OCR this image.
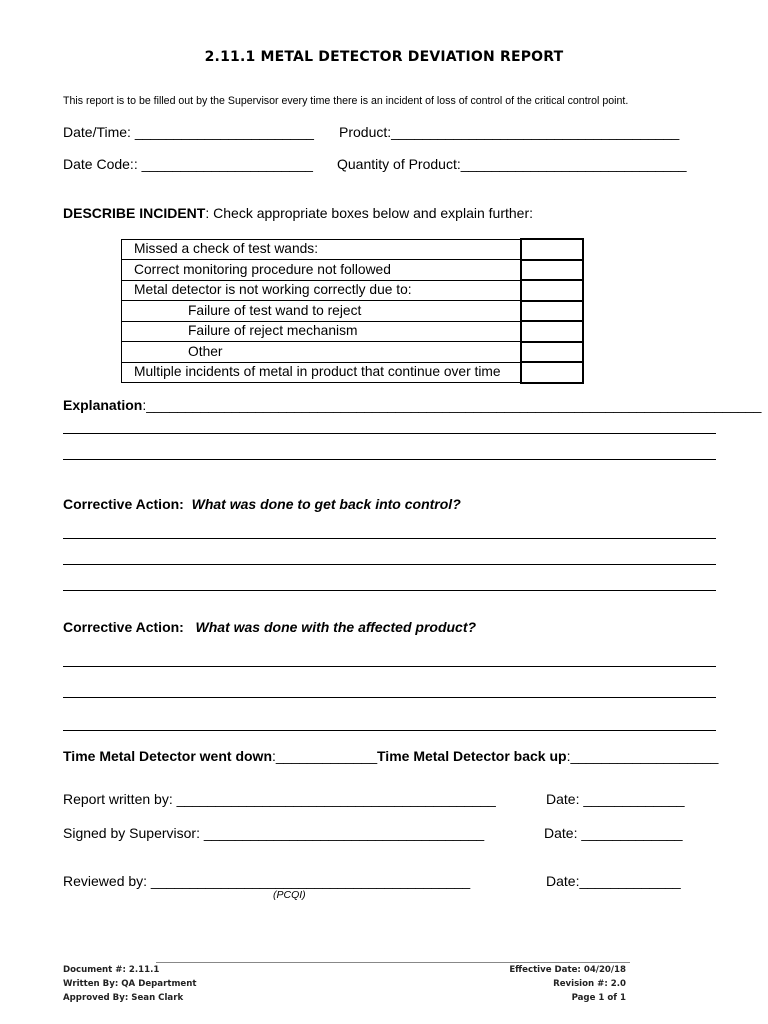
2.11.1 METAL DETECTOR DEVIATION REPORT
This report is to be filled out by the Supervisor every time there is an incident of loss of control of the critical control point.
Date/Time: _______________________ Product:_____________________________________
Date Code:: ______________________ Quantity of Product:_____________________________
DESCRIBE INCIDENT: Check appropriate boxes below and explain further:
Missed a check of test wands:	
Correct monitoring procedure not followed	
Metal detector is not working correctly due to:	
Failure of test wand to reject	
Failure of reject mechanism	
Other	
Multiple incidents of metal in product that continue over time	
Explanation:_______________________________________________________________________________
Corrective Action: What was done to get back into control?
Corrective Action: What was done with the affected product?
Time Metal Detector went down:_____________ Time Metal Detector back up:___________________
Report written by: _________________________________________	Date: _____________
Signed by Supervisor: ____________________________________	Date: _____________
Reviewed by: _________________________________________	Date:_____________
(PCQI)
Document #: 2.11.1
Written By: QA Department
Approved By: Sean Clark
Effective Date: 04/20/18
Revision #: 2.0
Page 1 of 1
